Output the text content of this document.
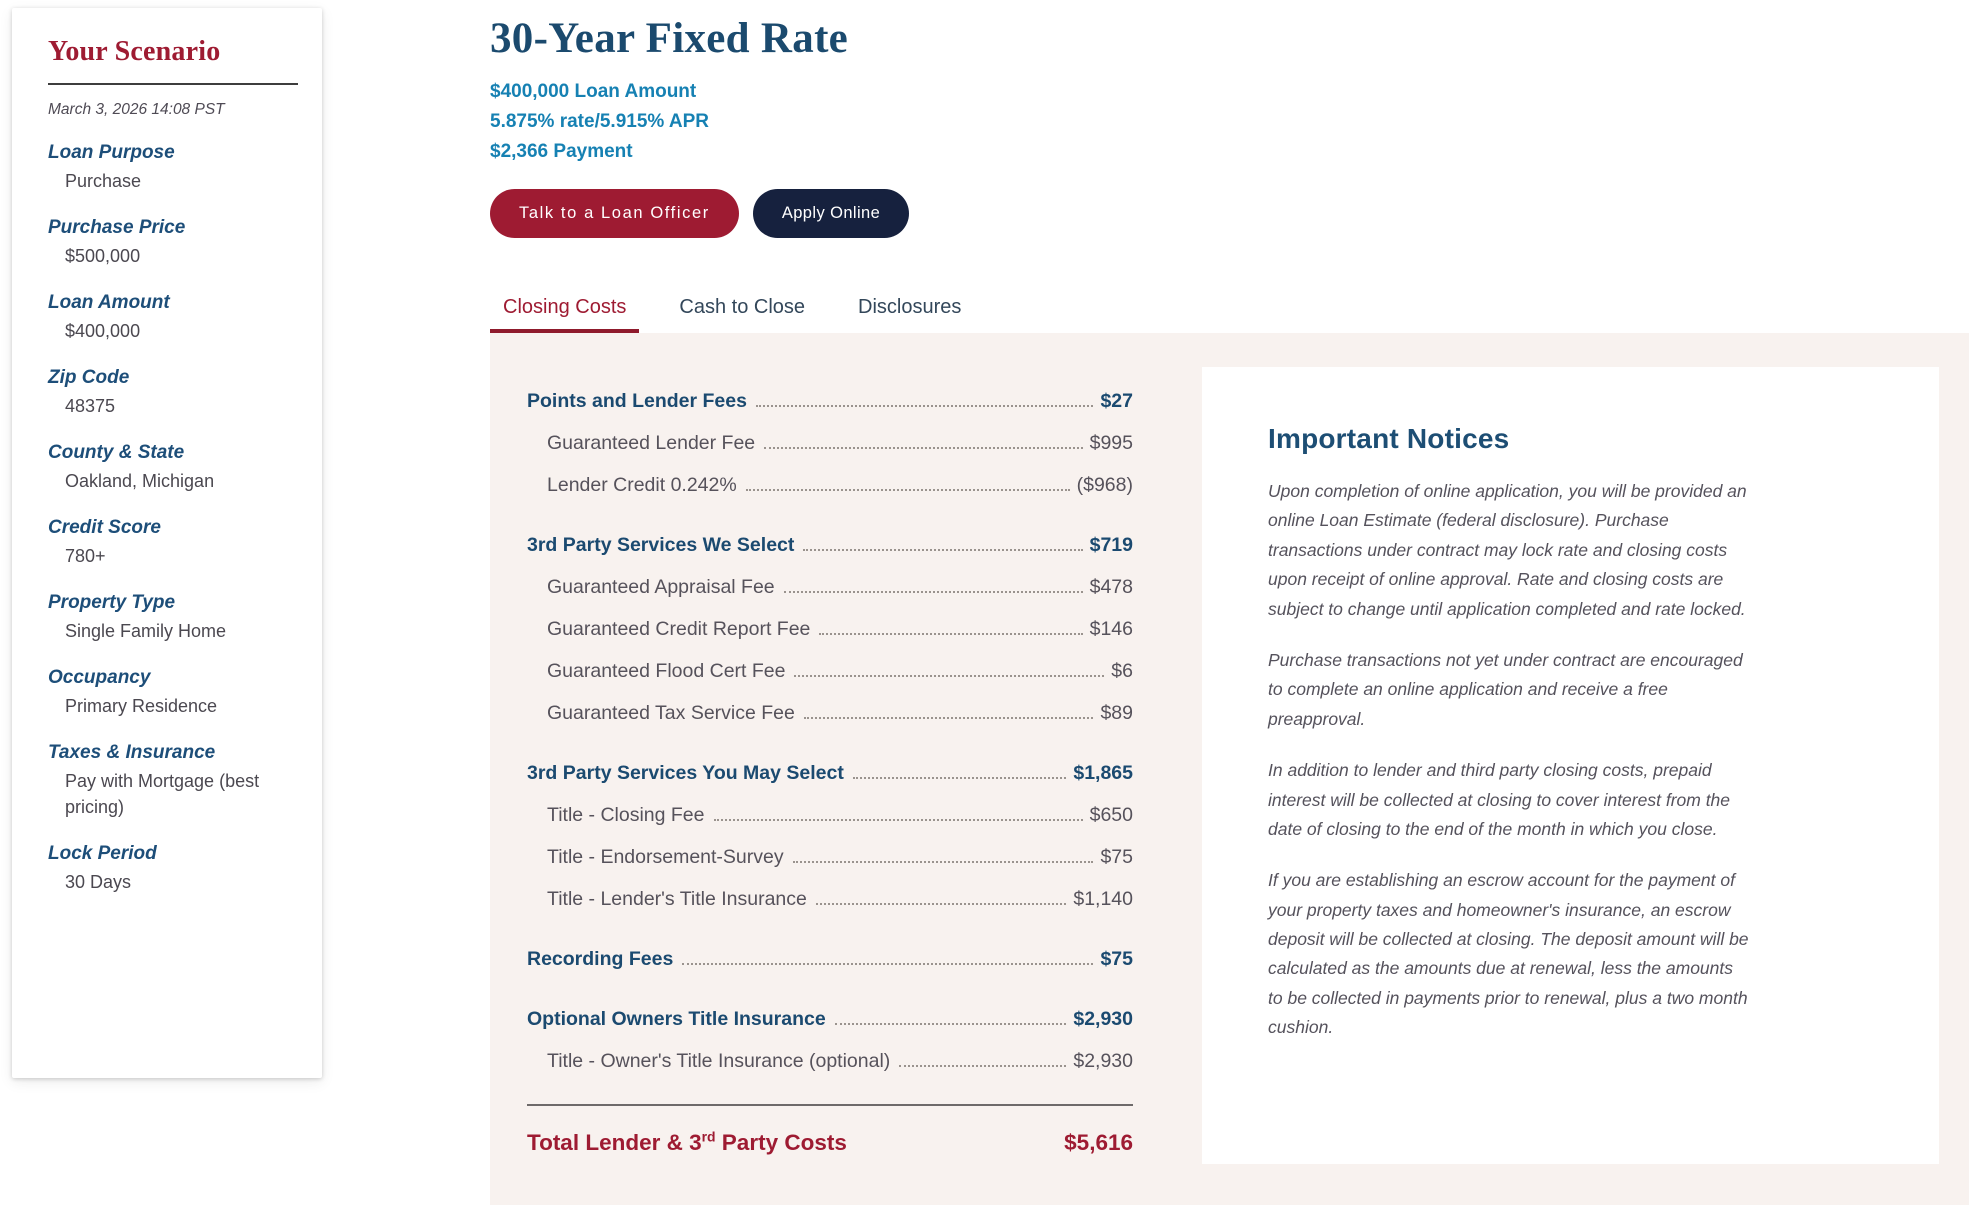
Your Scenario
March 3, 2026 14:08 PST
Loan Purpose
Purchase
Purchase Price
$500,000
Loan Amount
$400,000
Zip Code
48375
County & State
Oakland, Michigan
Credit Score
780+
Property Type
Single Family Home
Occupancy
Primary Residence
Taxes & Insurance
Pay with Mortgage (best pricing)
Lock Period
30 Days
30-Year Fixed Rate
$400,000 Loan Amount
5.875% rate/5.915% APR
$2,366 Payment
Talk to a Loan Officer	Apply Online
Closing Costs	Cash to Close	Disclosures
Points and Lender Fees	$27
Guaranteed Lender Fee	$995
Lender Credit 0.242%	($968)
3rd Party Services We Select	$719
Guaranteed Appraisal Fee	$478
Guaranteed Credit Report Fee	$146
Guaranteed Flood Cert Fee	$6
Guaranteed Tax Service Fee	$89
3rd Party Services You May Select	$1,865
Title - Closing Fee	$650
Title - Endorsement-Survey	$75
Title - Lender's Title Insurance	$1,140
Recording Fees	$75
Optional Owners Title Insurance	$2,930
Title - Owner's Title Insurance (optional)	$2,930
Total Lender & 3rd Party Costs	$5,616
Important Notices

Upon completion of online application, you will be provided an online Loan Estimate (federal disclosure). Purchase transactions under contract may lock rate and closing costs upon receipt of online approval. Rate and closing costs are subject to change until application completed and rate locked.

Purchase transactions not yet under contract are encouraged to complete an online application and receive a free preapproval.

In addition to lender and third party closing costs, prepaid interest will be collected at closing to cover interest from the date of closing to the end of the month in which you close.

If you are establishing an escrow account for the payment of your property taxes and homeowner's insurance, an escrow deposit will be collected at closing. The deposit amount will be calculated as the amounts due at renewal, less the amounts to be collected in payments prior to renewal, plus a two month cushion.
